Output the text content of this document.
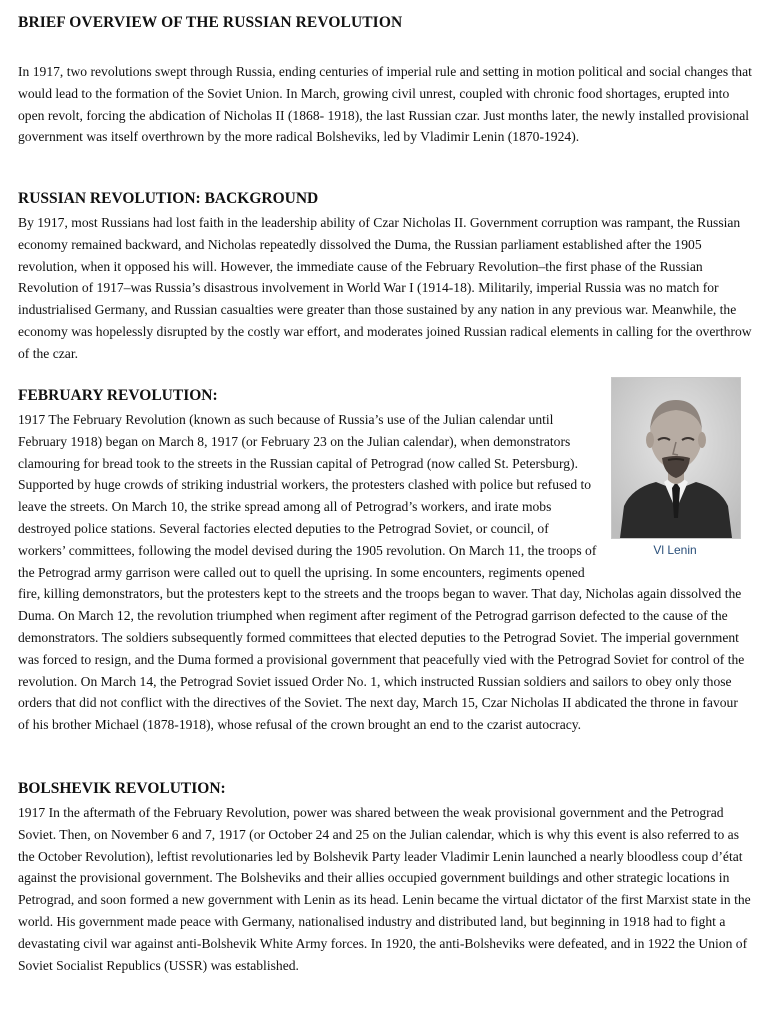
BRIEF OVERVIEW OF THE RUSSIAN REVOLUTION

In 1917, two revolutions swept through Russia, ending centuries of imperial rule and setting in motion political and social changes that would lead to the formation of the Soviet Union. In March, growing civil unrest, coupled with chronic food shortages, erupted into open revolt, forcing the abdication of Nicholas II (1868- 1918), the last Russian czar. Just months later, the newly installed provisional government was itself overthrown by the more radical Bolsheviks, led by Vladimir Lenin (1870-1924).

RUSSIAN REVOLUTION: BACKGROUND

By 1917, most Russians had lost faith in the leadership ability of Czar Nicholas II. Government corruption was rampant, the Russian economy remained backward, and Nicholas repeatedly dissolved the Duma, the Russian parliament established after the 1905 revolution, when it opposed his will. However, the immediate cause of the February Revolution–the first phase of the Russian Revolution of 1917–was Russia’s disastrous involvement in World War I (1914-18). Militarily, imperial Russia was no match for industrialised Germany, and Russian casualties were greater than those sustained by any nation in any previous war. Meanwhile, the economy was hopelessly disrupted by the costly war effort, and moderates joined Russian radical elements in calling for the overthrow of the czar.

FEBRUARY REVOLUTION:

1917 The February Revolution (known as such because of Russia’s use of the Julian calendar until February 1918) began on March 8, 1917 (or February 23 on the Julian calendar), when demonstrators clamouring for bread took to the streets in the Russian capital of Petrograd (now called St. Petersburg). Supported by huge crowds of striking industrial workers, the protesters clashed with police but refused to leave the streets. On March 10, the strike spread among all of Petrograd’s workers, and irate mobs destroyed police stations. Several factories elected deputies to the Petrograd Soviet, or council, of workers’ committees, following the model devised during the 1905 revolution. On March 11, the troops of the Petrograd army garrison were called out to quell the uprising. In some encounters, regiments opened fire, killing demonstrators, but the protesters kept to the streets and the troops began to waver. That day, Nicholas again dissolved the Duma. On March 12, the revolution triumphed when regiment after regiment of the Petrograd garrison defected to the cause of the demonstrators. The soldiers subsequently formed committees that elected deputies to the Petrograd Soviet. The imperial government was forced to resign, and the Duma formed a provisional government that peacefully vied with the Petrograd Soviet for control of the revolution. On March 14, the Petrograd Soviet issued Order No. 1, which instructed Russian soldiers and sailors to obey only those orders that did not conflict with the directives of the Soviet. The next day, March 15, Czar Nicholas II abdicated the throne in favour of his brother Michael (1878-1918), whose refusal of the crown brought an end to the czarist autocracy.

Vl Lenin
BOLSHEVIK REVOLUTION:

1917 In the aftermath of the February Revolution, power was shared between the weak provisional government and the Petrograd Soviet. Then, on November 6 and 7, 1917 (or October 24 and 25 on the Julian calendar, which is why this event is also referred to as the October Revolution), leftist revolutionaries led by Bolshevik Party leader Vladimir Lenin launched a nearly bloodless coup d’état against the provisional government. The Bolsheviks and their allies occupied government buildings and other strategic locations in Petrograd, and soon formed a new government with Lenin as its head. Lenin became the virtual dictator of the first Marxist state in the world. His government made peace with Germany, nationalised industry and distributed land, but beginning in 1918 had to fight a devastating civil war against anti-Bolshevik White Army forces. In 1920, the anti-Bolsheviks were defeated, and in 1922 the Union of Soviet Socialist Republics (USSR) was established.
